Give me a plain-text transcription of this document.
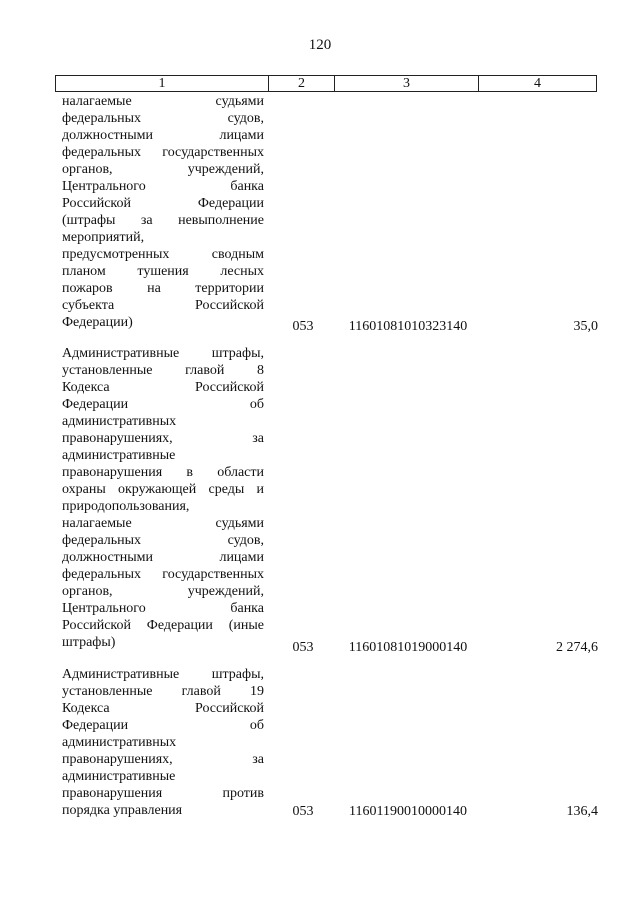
120
1	2	3	4
налагаемые судьями
федеральных судов,
должностными лицами
федеральных государственных
органов, учреждений,
Центрального банка
Российской Федерации
(штрафы за невыполнение
мероприятий,
предусмотренных сводным
планом тушения лесных
пожаров на территории
субъекта Российской
Федерации)	053	11601081010323140	35,0
Административные штрафы,
установленные главой 8
Кодекса Российской
Федерации об
административных
правонарушениях, за
административные
правонарушения в области
охраны окружающей среды и
природопользования,
налагаемые судьями
федеральных судов,
должностными лицами
федеральных государственных
органов, учреждений,
Центрального банка
Российской Федерации (иные
штрафы)	053	11601081019000140	2 274,6
Административные штрафы,
установленные главой 19
Кодекса Российской
Федерации об
административных
правонарушениях, за
административные
правонарушения против
порядка управления	053	11601190010000140	136,4
